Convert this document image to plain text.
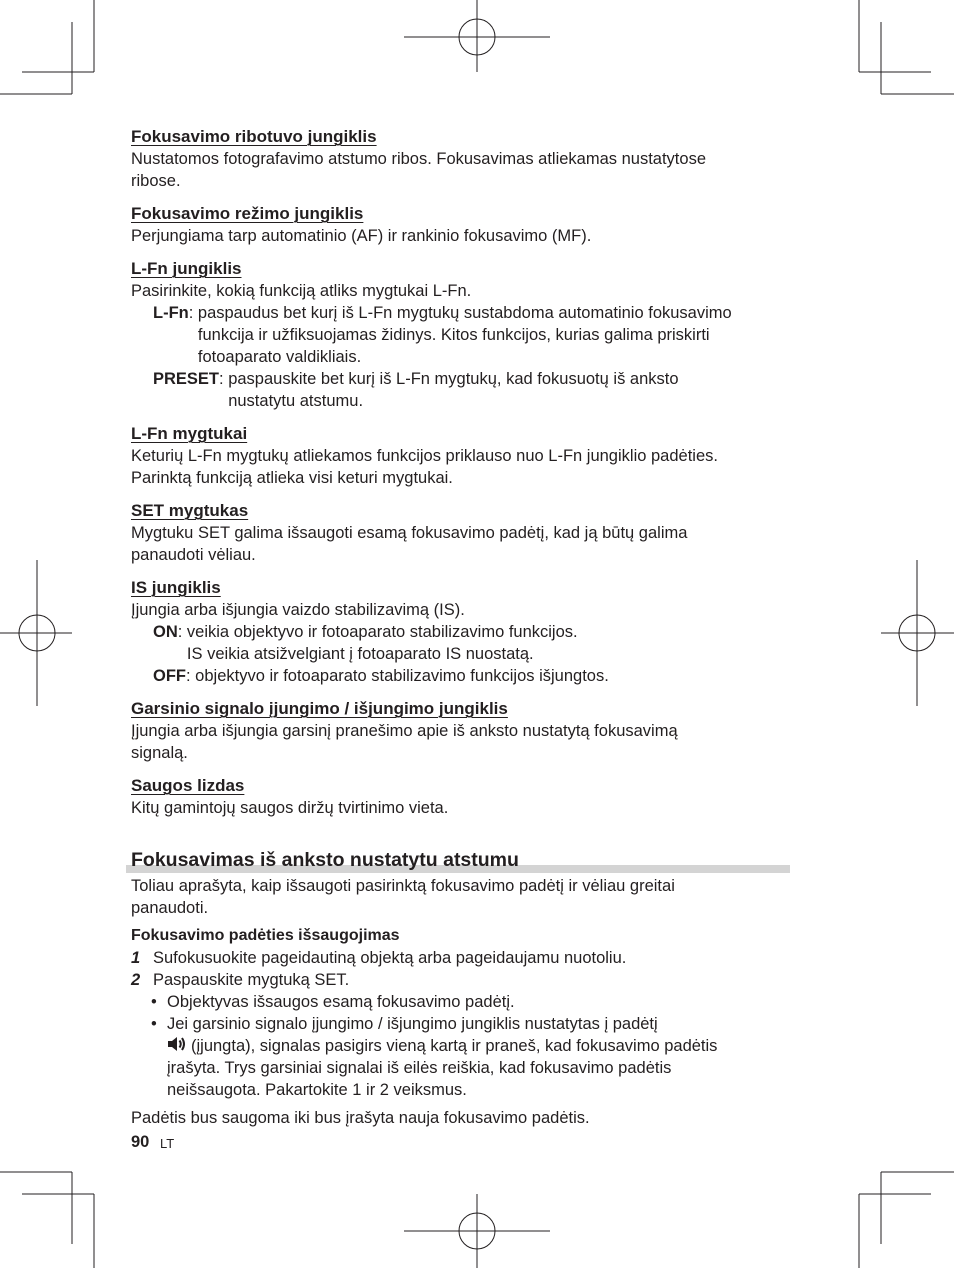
Fokusavimo ribotuvo jungiklis

Nustatomos fotografavimo atstumo ribos. Fokusavimas atliekamas nustatytose

ribose.

Fokusavimo režimo jungiklis

Perjungiama tarp automatinio (AF) ir rankinio fokusavimo (MF).

L-Fn jungiklis

Pasirinkite, kokią funkciją atliks mygtukai L-Fn.

L-Fn : paspaudus bet kurį iš L-Fn mygtukų sustabdoma automatinio fokusavimo
funkcija ir užfiksuojamas židinys. Kitos funkcijos, kurias galima priskirti
fotoaparato valdikliais.
PRESET : paspauskite bet kurį iš L-Fn mygtukų, kad fokusuotų iš anksto
nustatytu atstumu.

L-Fn mygtukai

Keturių L-Fn mygtukų atliekamos funkcijos priklauso nuo L-Fn jungiklio padėties.

Parinktą funkciją atlieka visi keturi mygtukai.

SET mygtukas

Mygtuku SET galima išsaugoti esamą fokusavimo padėtį, kad ją būtų galima

panaudoti vėliau.

IS jungiklis

Įjungia arba išjungia vaizdo stabilizavimą (IS).

ON : veikia objektyvo ir fotoaparato stabilizavimo funkcijos.
IS veikia atsižvelgiant į fotoaparato IS nuostatą.
OFF : objektyvo ir fotoaparato stabilizavimo funkcijos išjungtos.

Garsinio signalo įjungimo / išjungimo jungiklis

Įjungia arba išjungia garsinį pranešimo apie iš anksto nustatytą fokusavimą

signalą.

Saugos lizdas

Kitų gamintojų saugos diržų tvirtinimo vieta.

Fokusavimas iš anksto nustatytu atstumu

Toliau aprašyta, kaip išsaugoti pasirinktą fokusavimo padėtį ir vėliau greitai

panaudoti.

Fokusavimo padėties išsaugojimas
1 Sufokusuokite pageidautiną objektą arba pageidaujamu nuotoliu.
2 Paspauskite mygtuką SET.
• Objektyvas išsaugos esamą fokusavimo padėtį.
• Jei garsinio signalo įjungimo / išjungimo jungiklis nustatytas į padėtį
(įjungta), signalas pasigirs vieną kartą ir praneš, kad fokusavimo padėtis
įrašyta. Trys garsiniai signalai iš eilės reiškia, kad fokusavimo padėtis
neišsaugota. Pakartokite 1 ir 2 veiksmus.

Padėtis bus saugoma iki bus įrašyta nauja fokusavimo padėtis.

90 LT
